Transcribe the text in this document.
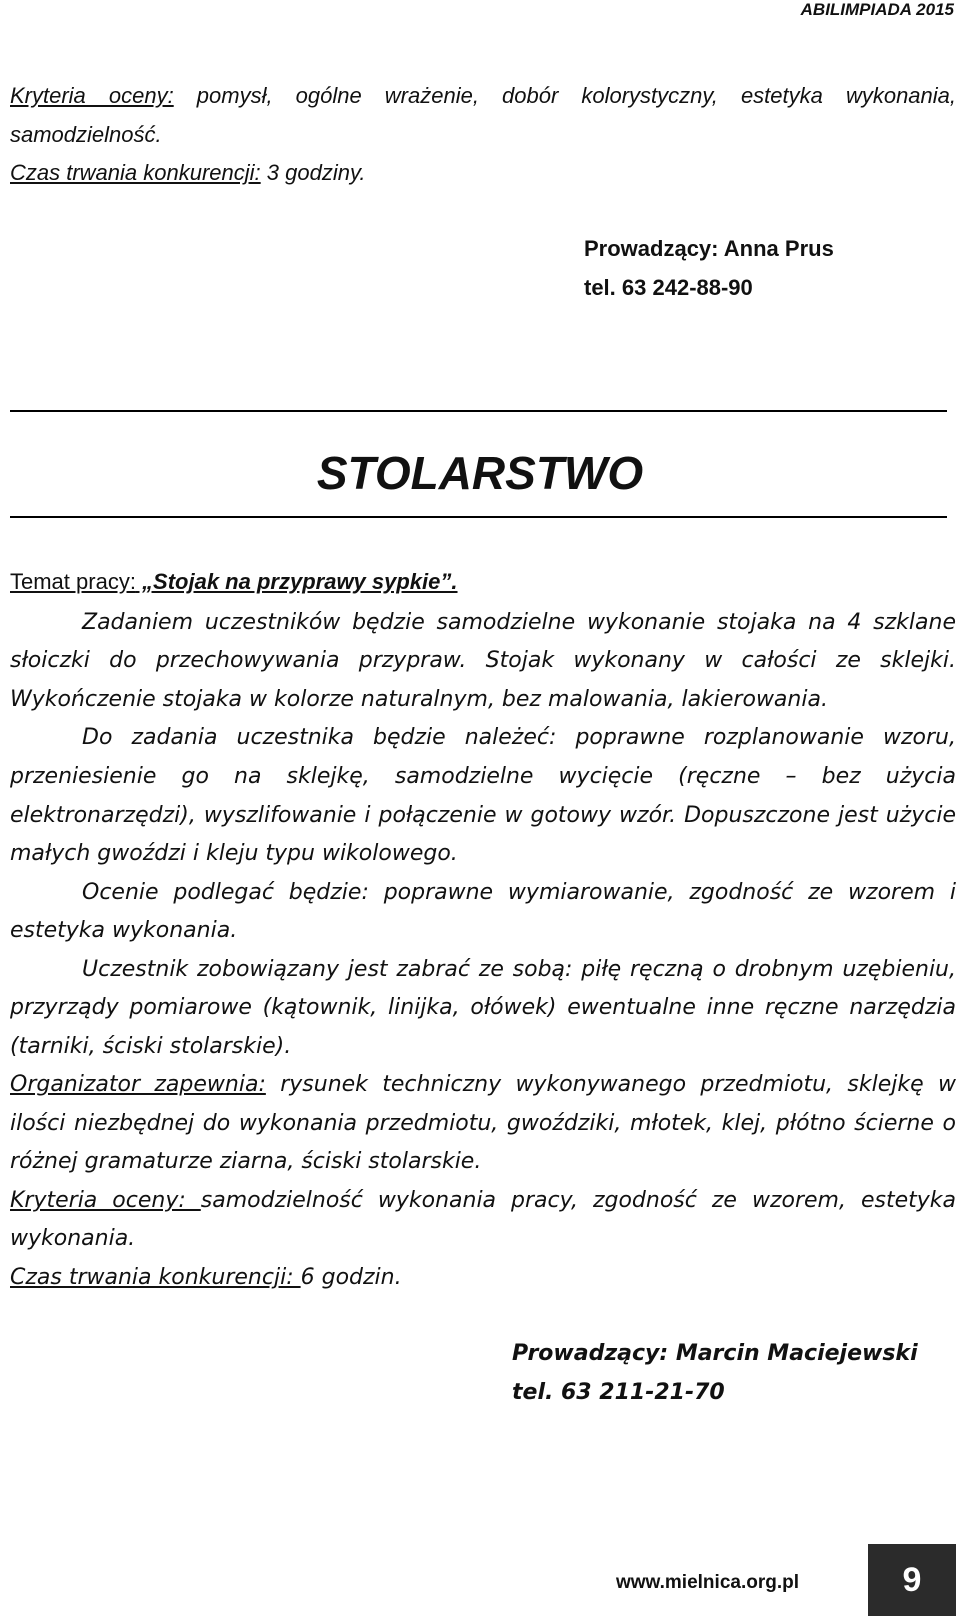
ABILIMPIADA 2015
Kryteria oceny: pomysł, ogólne wrażenie, dobór kolorystyczny, estetyka wykonania,
samodzielność.
Czas trwania konkurencji: 3 godziny.
Prowadzący: Anna Prus
tel. 63 242-88-90
STOLARSTWO
Temat pracy: „Stojak na przyprawy sypkie”.
Zadaniem uczestników będzie samodzielne wykonanie stojaka na 4 szklane
słoiczki do przechowywania przypraw. Stojak wykonany w całości ze sklejki.
Wykończenie stojaka w kolorze naturalnym, bez malowania, lakierowania.
Do zadania uczestnika będzie należeć: poprawne rozplanowanie wzoru,
przeniesienie go na sklejkę, samodzielne wycięcie (ręczne – bez użycia
elektronarzędzi), wyszlifowanie i połączenie w gotowy wzór. Dopuszczone jest użycie
małych gwoździ i kleju typu wikolowego.
Ocenie podlegać będzie: poprawne wymiarowanie, zgodność ze wzorem i
estetyka wykonania.
Uczestnik zobowiązany jest zabrać ze sobą: piłę ręczną o drobnym uzębieniu,
przyrządy pomiarowe (kątownik, linijka, ołówek) ewentualne inne ręczne narzędzia
(tarniki, ściski stolarskie).
Organizator zapewnia: rysunek techniczny wykonywanego przedmiotu, sklejkę w
ilości niezbędnej do wykonania przedmiotu, gwoździki, młotek, klej, płótno ścierne o
różnej gramaturze ziarna, ściski stolarskie.
Kryteria oceny: samodzielność wykonania pracy, zgodność ze wzorem, estetyka
wykonania.
Czas trwania konkurencji: 6 godzin.
Prowadzący: Marcin Maciejewski
tel. 63 211-21-70
www.mielnica.org.pl	9
